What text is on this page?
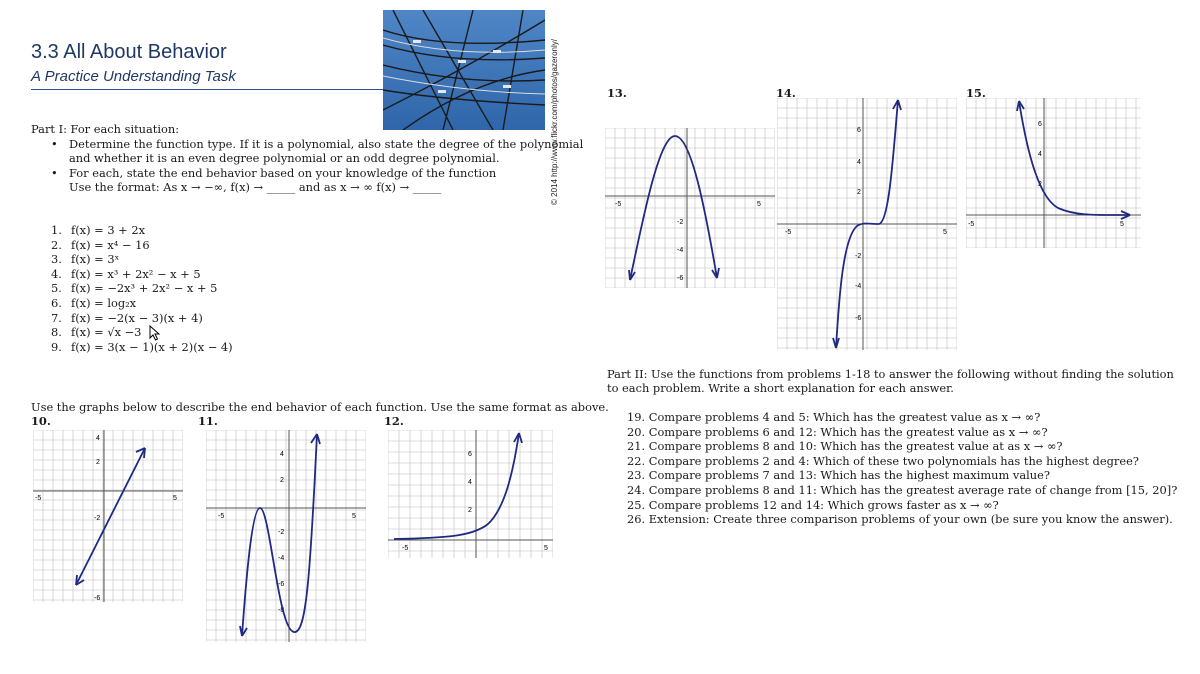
3.3 All About Behavior
A Practice Understanding Task	© 2014 http://www.flickr.com/photos/gazeronly/
Part I: For each situation:
• Determine the function type. If it is a polynomial, also state the degree of the polynomial
and whether it is an even degree polynomial or an odd degree polynomial.
• For each, state the end behavior based on your knowledge of the function
Use the format: As x → −∞, f(x) → _____ and as x → ∞ f(x) → _____
1. f(x) = 3 + 2x
2. f(x) = x⁴ − 16
3. f(x) = 3ˣ
4. f(x) = x³ + 2x² − x + 5
5. f(x) = −2x³ + 2x² − x + 5
6. f(x) = log₂x
7. f(x) = −2(x − 3)(x + 4)
8. f(x) = √x −3
9. f(x) = 3(x − 1)(x + 2)(x − 4)
Use the graphs below to describe the end behavior of each function. Use the same format as above.
10.	11.	12.
13.	14.	15.
-5	5
4
2
-2
-6
-5	5
4
2
-2
-4
-6
-8
-5	5
6
4
2
-5	5
-2
-4
-6
-5	5
6
4
2
-2
-4
-6
-5	5
6
4
2
Part II: Use the functions from problems 1-18 to answer the following without finding the solution
to each problem. Write a short explanation for each answer.
19. Compare problems 4 and 5: Which has the greatest value as x → ∞?
20. Compare problems 6 and 12: Which has the greatest value as x → ∞?
21. Compare problems 8 and 10: Which has the greatest value at as x → ∞?
22. Compare problems 2 and 4: Which of these two polynomials has the highest degree?
23. Compare problems 7 and 13: Which has the highest maximum value?
24. Compare problems 8 and 11: Which has the greatest average rate of change from [15, 20]?
25. Compare problems 12 and 14: Which grows faster as x → ∞?
26. Extension: Create three comparison problems of your own (be sure you know the answer).
